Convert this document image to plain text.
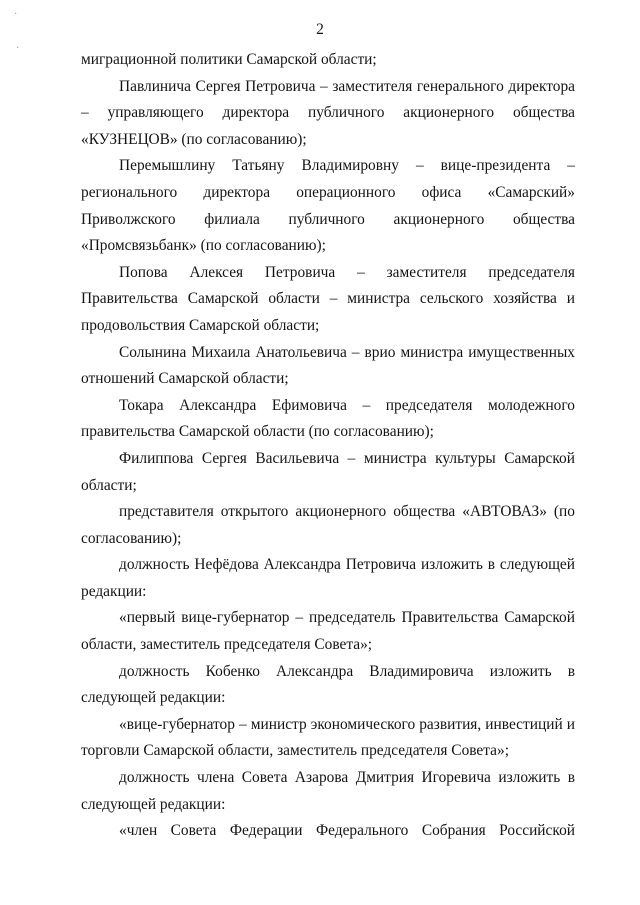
2
·
·

миграционной политики Самарской области;

Павлинича Сергея Петровича – заместителя генерального директора – управляющего директора публичного акционерного общества «КУЗНЕЦОВ» (по согласованию);

Перемышлину Татьяну Владимировну – вице-президента – регионального директора операционного офиса «Самарский» Приволжского филиала публичного акционерного общества «Промсвязьбанк» (по согласованию);

Попова Алексея Петровича – заместителя председателя Правительства Самарской области – министра сельского хозяйства и продовольствия Самарской области;

Солынина Михаила Анатольевича – врио министра имущественных отношений Самарской области;

Токара Александра Ефимовича – председателя молодежного правительства Самарской области (по согласованию);

Филиппова Сергея Васильевича – министра культуры Самарской области;

представителя открытого акционерного общества «АВТОВАЗ» (по согласованию);

должность Нефёдова Александра Петровича изложить в следующей редакции:

«первый вице-губернатор – председатель Правительства Самарской области, заместитель председателя Совета»;

должность Кобенко Александра Владимировича изложить в следующей редакции:

«вице-губернатор – министр экономического развития, инвестиций и торговли Самарской области, заместитель председателя Совета»;

должность члена Совета Азарова Дмитрия Игоревича изложить в следующей редакции:

«член Совета Федерации Федерального Собрания Российской
